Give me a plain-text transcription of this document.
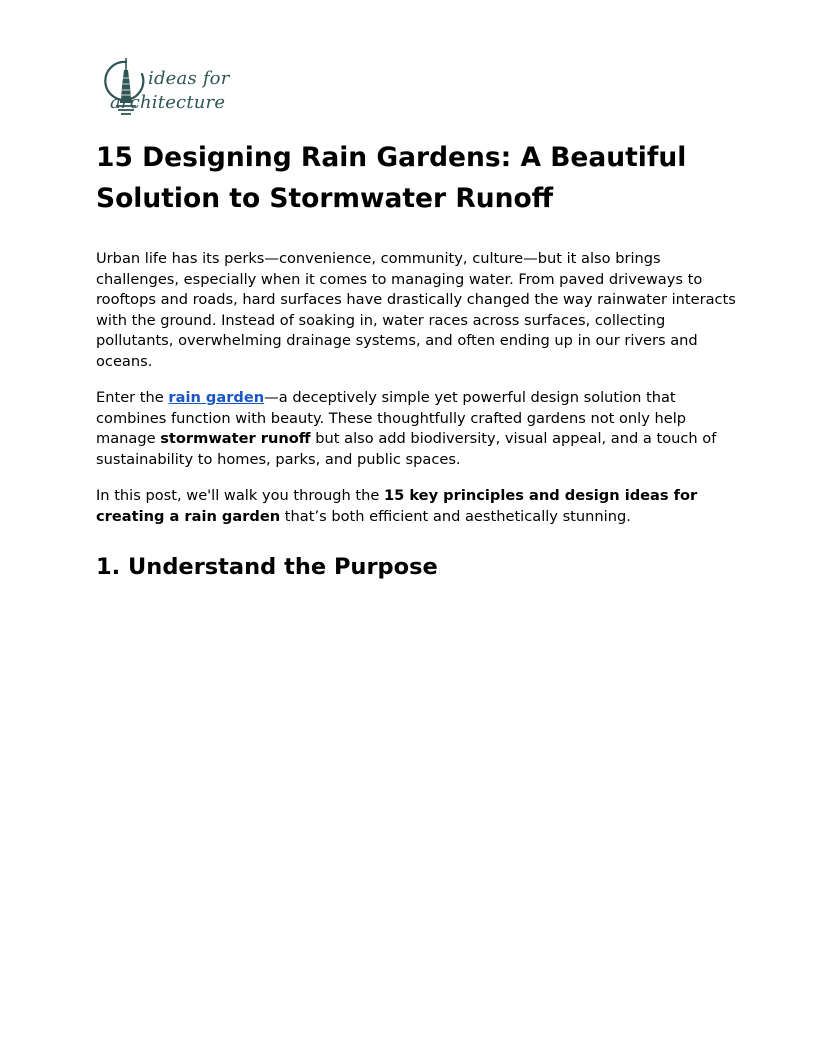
ideas for
architecture
15 Designing Rain Gardens: A Beautiful Solution to Stormwater Runoff

Urban life has its perks—convenience, community, culture—but it also brings challenges, especially when it comes to managing water. From paved driveways to rooftops and roads, hard surfaces have drastically changed the way rainwater interacts with the ground. Instead of soaking in, water races across surfaces, collecting pollutants, overwhelming drainage systems, and often ending up in our rivers and oceans.

Enter the rain garden—a deceptively simple yet powerful design solution that combines function with beauty. These thoughtfully crafted gardens not only help manage stormwater runoff but also add biodiversity, visual appeal, and a touch of sustainability to homes, parks, and public spaces.

In this post, we'll walk you through the 15 key principles and design ideas for creating a rain garden that’s both efficient and aesthetically stunning.

1. Understand the Purpose
